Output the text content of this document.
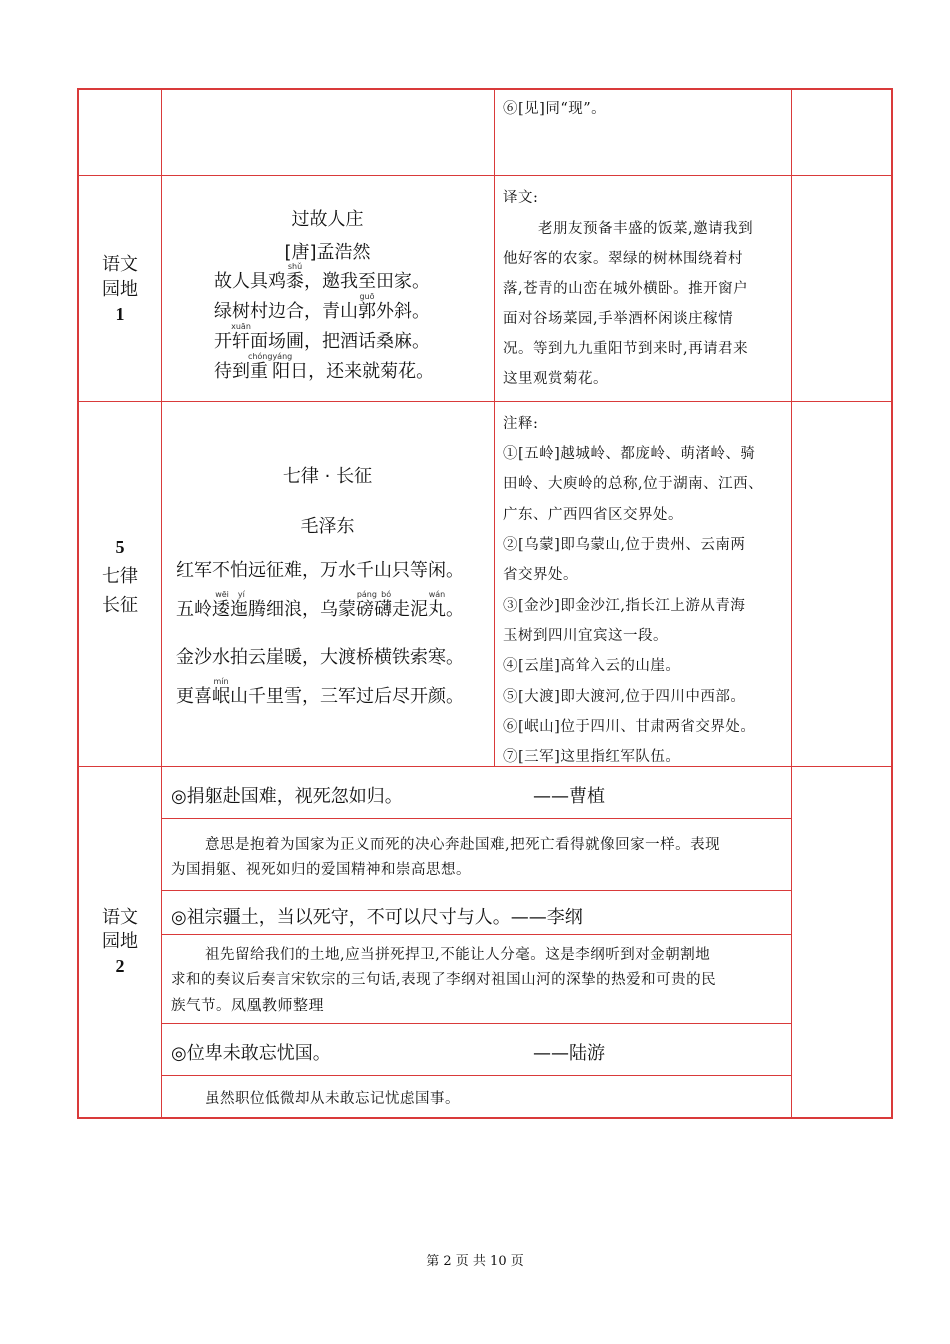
⑥[见]同“现”。
语文
园地
1
过故人庄
[唐]孟浩然
故人具鸡黍shǔ，邀我至田家。
绿树村边合，青山郭guō外斜。
开轩xuān面场圃，把酒话桑麻。
待到重阳chóngyáng日，还来就菊花。
译文:
老朋友预备丰盛的饭菜,邀请我到
他好客的农家。翠绿的树林围绕着村
落,苍青的山峦在城外横卧。推开窗户
面对谷场菜园,手举酒杯闲谈庄稼情
况。等到九九重阳节到来时,再请君来
这里观赏菊花。
5
七律
长征
七律 · 长征
毛泽东
红军不怕远征难，万水千山只等闲。
五岭逶迤wēi yí腾细浪，乌蒙磅礴páng bó走泥丸wán。
金沙水拍云崖暖，大渡桥横铁索寒。
更喜岷mín山千里雪，三军过后尽开颜。
注释:
①[五岭]越城岭、都庞岭、萌渚岭、骑
田岭、大庾岭的总称,位于湖南、江西、
广东、广西四省区交界处。
②[乌蒙]即乌蒙山,位于贵州、云南两
省交界处。
③[金沙]即金沙江,指长江上游从青海
玉树到四川宜宾这一段。
④[云崖]高耸入云的山崖。
⑤[大渡]即大渡河,位于四川中西部。
⑥[岷山]位于四川、甘肃两省交界处。
⑦[三军]这里指红军队伍。
语文
园地
2
◎捐躯赴国难，视死忽如归。	——曹植
意思是抱着为国家为正义而死的决心奔赴国难,把死亡看得就像回家一样。表现
为国捐躯、视死如归的爱国精神和崇高思想。
◎祖宗疆土，当以死守，不可以尺寸与人。——李纲
祖先留给我们的土地,应当拼死捍卫,不能让人分毫。这是李纲听到对金朝割地
求和的奏议后奏言宋钦宗的三句话,表现了李纲对祖国山河的深挚的热爱和可贵的民
族气节。凤凰教师整理
◎位卑未敢忘忧国。	——陆游
虽然职位低微却从未敢忘记忧虑国事。
第 2 页 共 10 页
